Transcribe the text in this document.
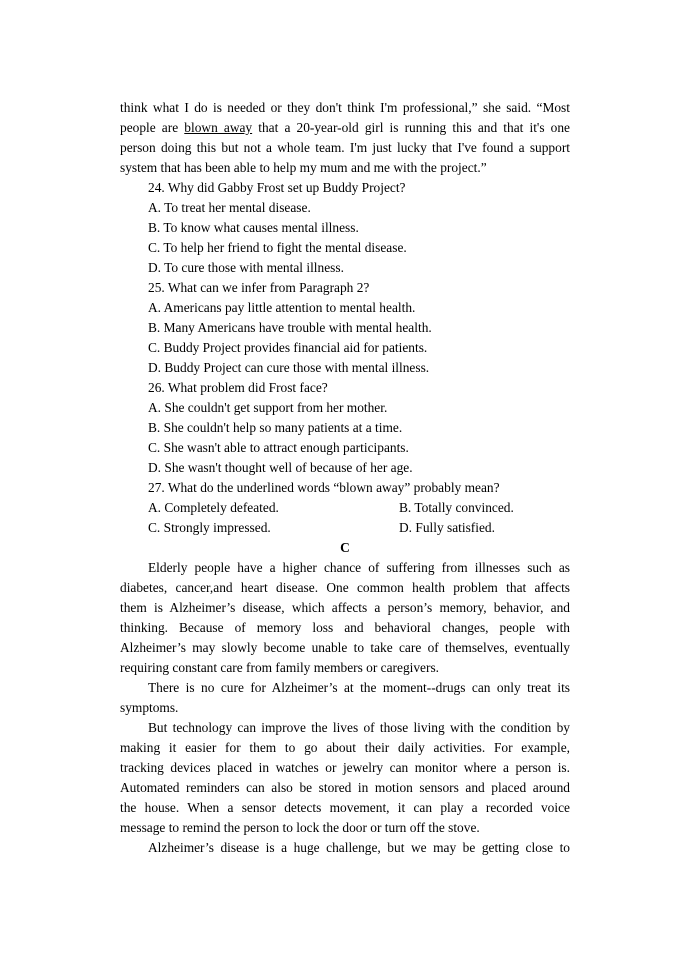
think what I do is needed or they don't think I'm professional,” she said. “Most
people are blown away that a 20-year-old girl is running this and that it's one
person doing this but not a whole team. I'm just lucky that I've found a support
system that has been able to help my mum and me with the project.”
24. Why did Gabby Frost set up Buddy Project?
A. To treat her mental disease.
B. To know what causes mental illness.
C. To help her friend to fight the mental disease.
D. To cure those with mental illness.
25. What can we infer from Paragraph 2?
A. Americans pay little attention to mental health.
B. Many Americans have trouble with mental health.
C. Buddy Project provides financial aid for patients.
D. Buddy Project can cure those with mental illness.
26. What problem did Frost face?
A. She couldn't get support from her mother.
B. She couldn't help so many patients at a time.
C. She wasn't able to attract enough participants.
D. She wasn't thought well of because of her age.
27. What do the underlined words “blown away” probably mean?
A. Completely defeated.	B. Totally convinced.
C. Strongly impressed.	D. Fully satisfied.
C
Elderly people have a higher chance of suffering from illnesses such as
diabetes, cancer,and heart disease. One common health problem that affects
them is Alzheimer’s disease, which affects a person’s memory, behavior, and
thinking. Because of memory loss and behavioral changes, people with
Alzheimer’s may slowly become unable to take care of themselves, eventually
requiring constant care from family members or caregivers.
There is no cure for Alzheimer’s at the moment--drugs can only treat its
symptoms.
But technology can improve the lives of those living with the condition by
making it easier for them to go about their daily activities. For example,
tracking devices placed in watches or jewelry can monitor where a person is.
Automated reminders can also be stored in motion sensors and placed around
the house. When a sensor detects movement, it can play a recorded voice
message to remind the person to lock the door or turn off the stove.
Alzheimer’s disease is a huge challenge, but we may be getting close to
